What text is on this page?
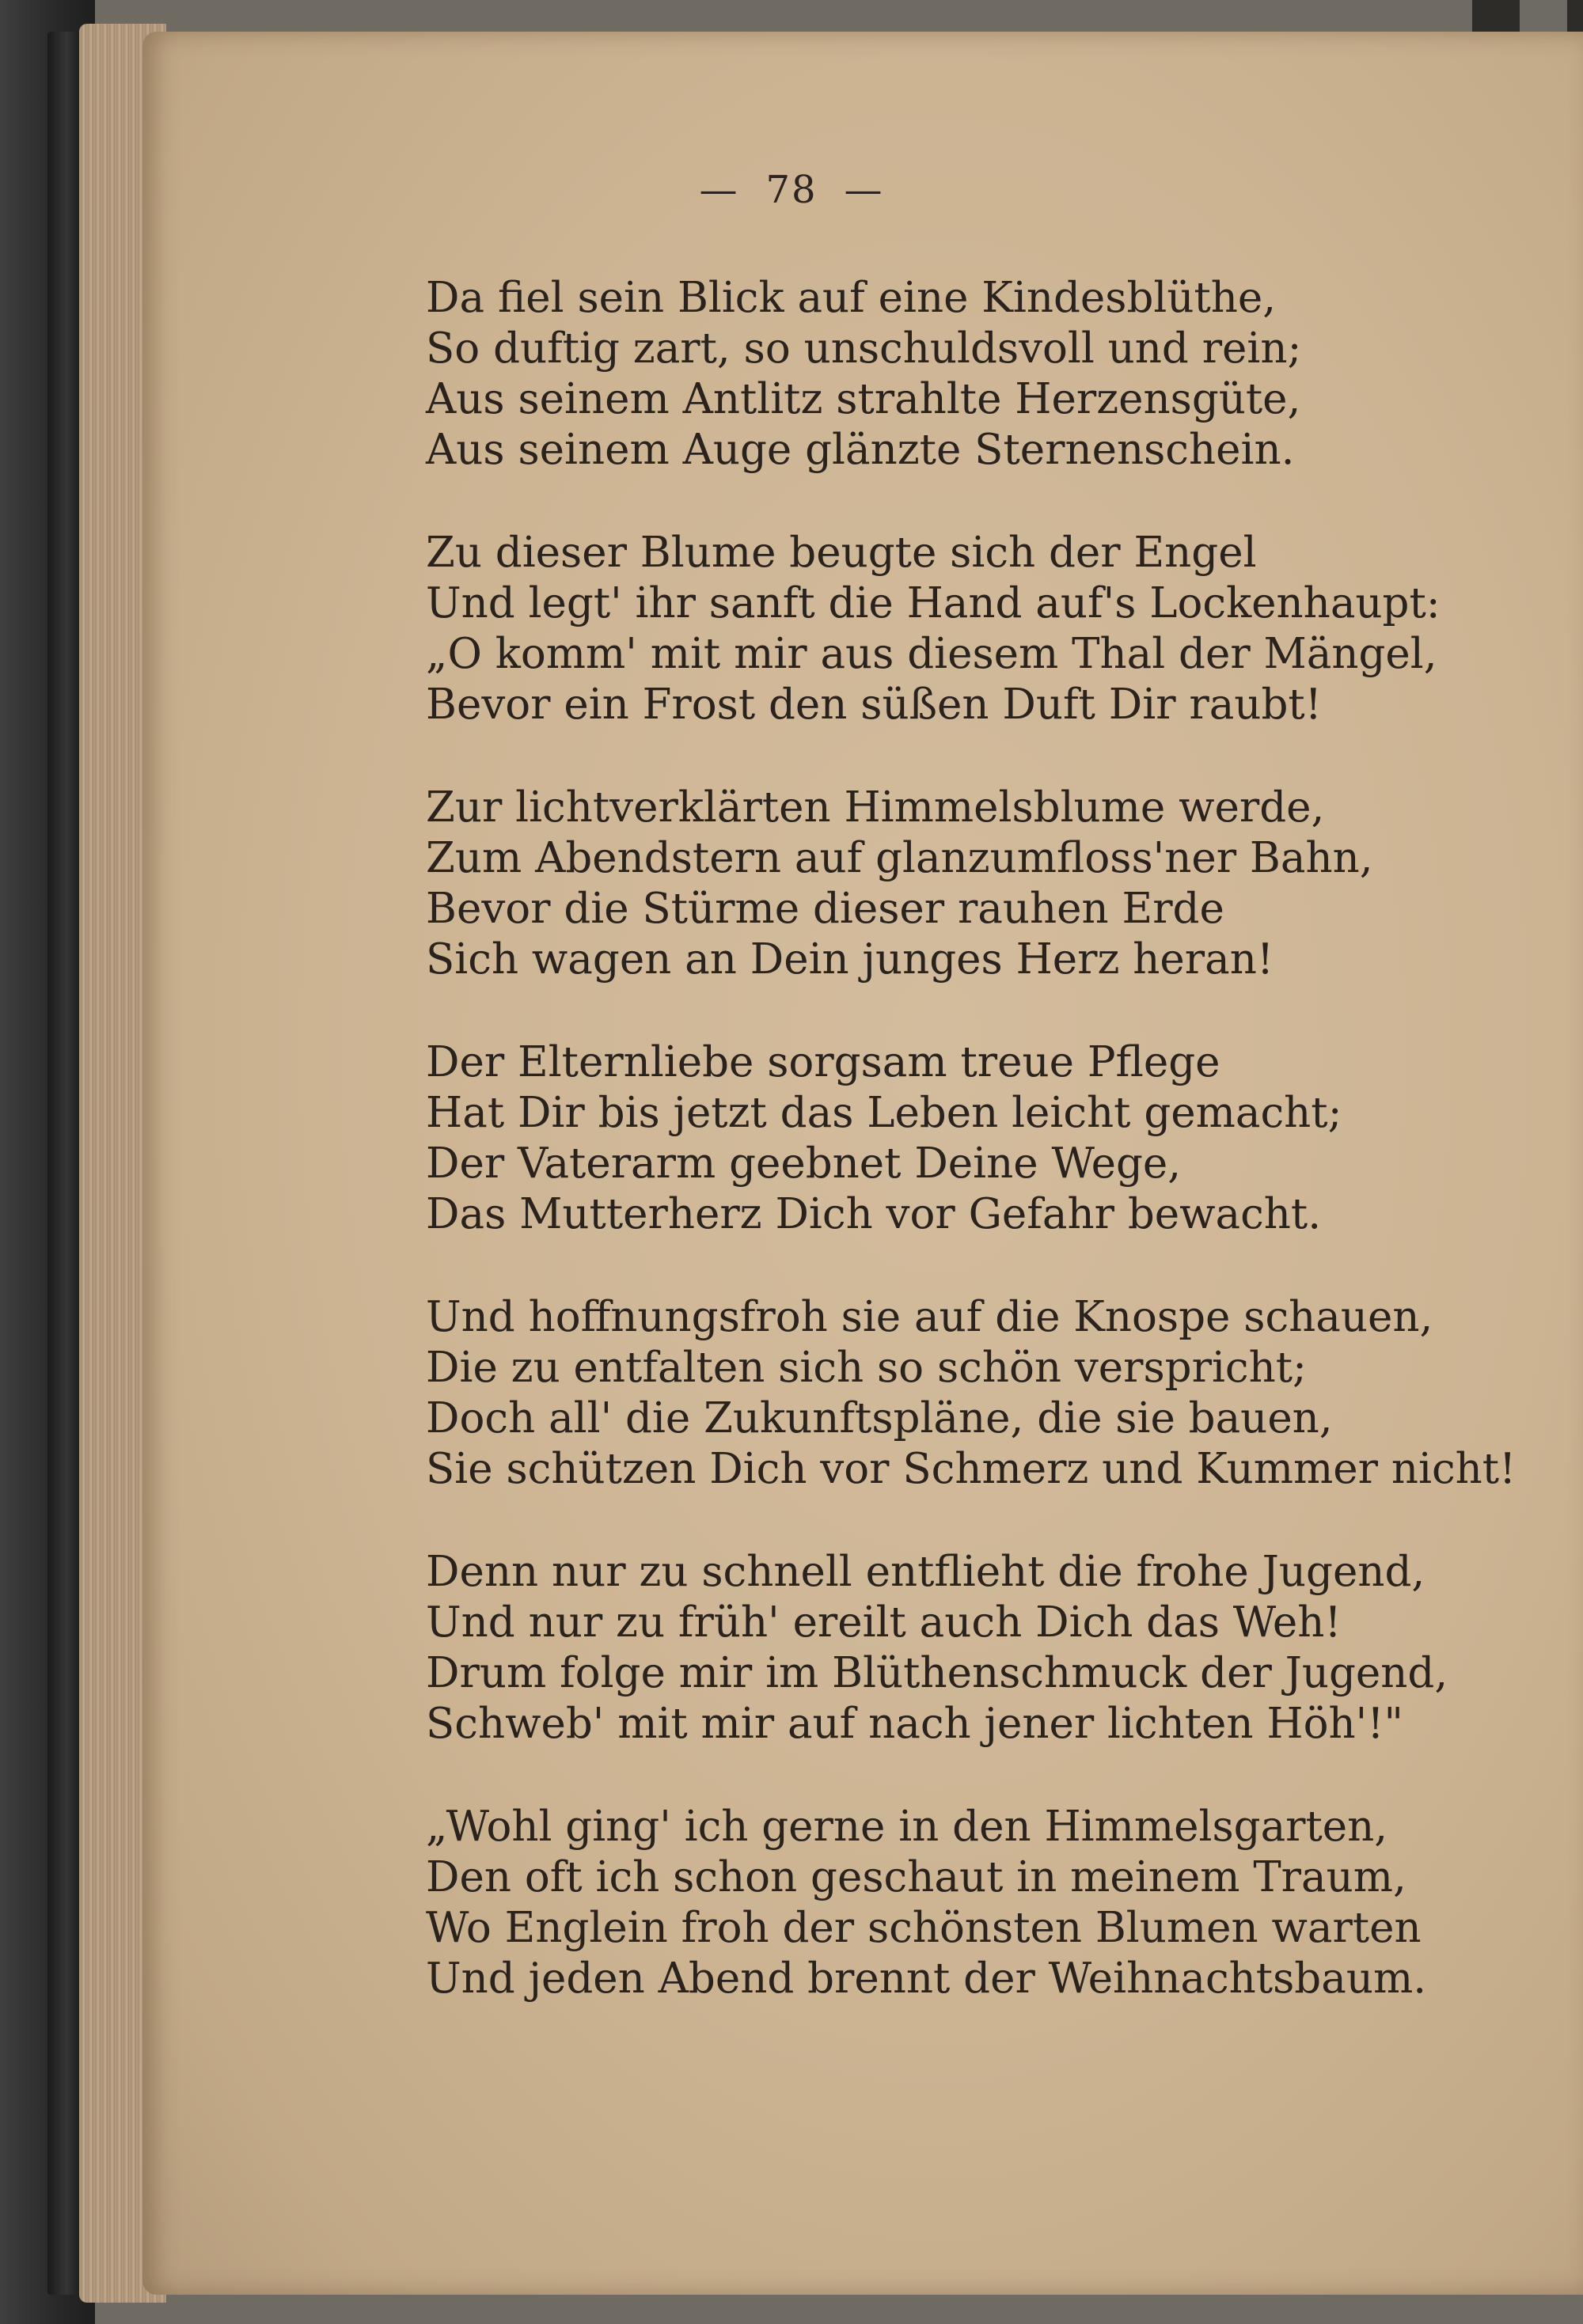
— 78 —
Da fiel sein Blick auf eine Kindesblüthe,
So duftig zart, so unschuldsvoll und rein;
Aus seinem Antlitz strahlte Herzensgüte,
Aus seinem Auge glänzte Sternenschein.
Zu dieser Blume beugte sich der Engel
Und legt' ihr sanft die Hand auf's Lockenhaupt:
„O komm' mit mir aus diesem Thal der Mängel,
Bevor ein Frost den süßen Duft Dir raubt!
Zur lichtverklärten Himmelsblume werde,
Zum Abendstern auf glanzumfloss'ner Bahn,
Bevor die Stürme dieser rauhen Erde
Sich wagen an Dein junges Herz heran!
Der Elternliebe sorgsam treue Pflege
Hat Dir bis jetzt das Leben leicht gemacht;
Der Vaterarm geebnet Deine Wege,
Das Mutterherz Dich vor Gefahr bewacht.
Und hoffnungsfroh sie auf die Knospe schauen,
Die zu entfalten sich so schön verspricht;
Doch all' die Zukunftspläne, die sie bauen,
Sie schützen Dich vor Schmerz und Kummer nicht!
Denn nur zu schnell entflieht die frohe Jugend,
Und nur zu früh' ereilt auch Dich das Weh!
Drum folge mir im Blüthenschmuck der Jugend,
Schweb' mit mir auf nach jener lichten Höh'!"
„Wohl ging' ich gerne in den Himmelsgarten,
Den oft ich schon geschaut in meinem Traum,
Wo Englein froh der schönsten Blumen warten
Und jeden Abend brennt der Weihnachtsbaum.
